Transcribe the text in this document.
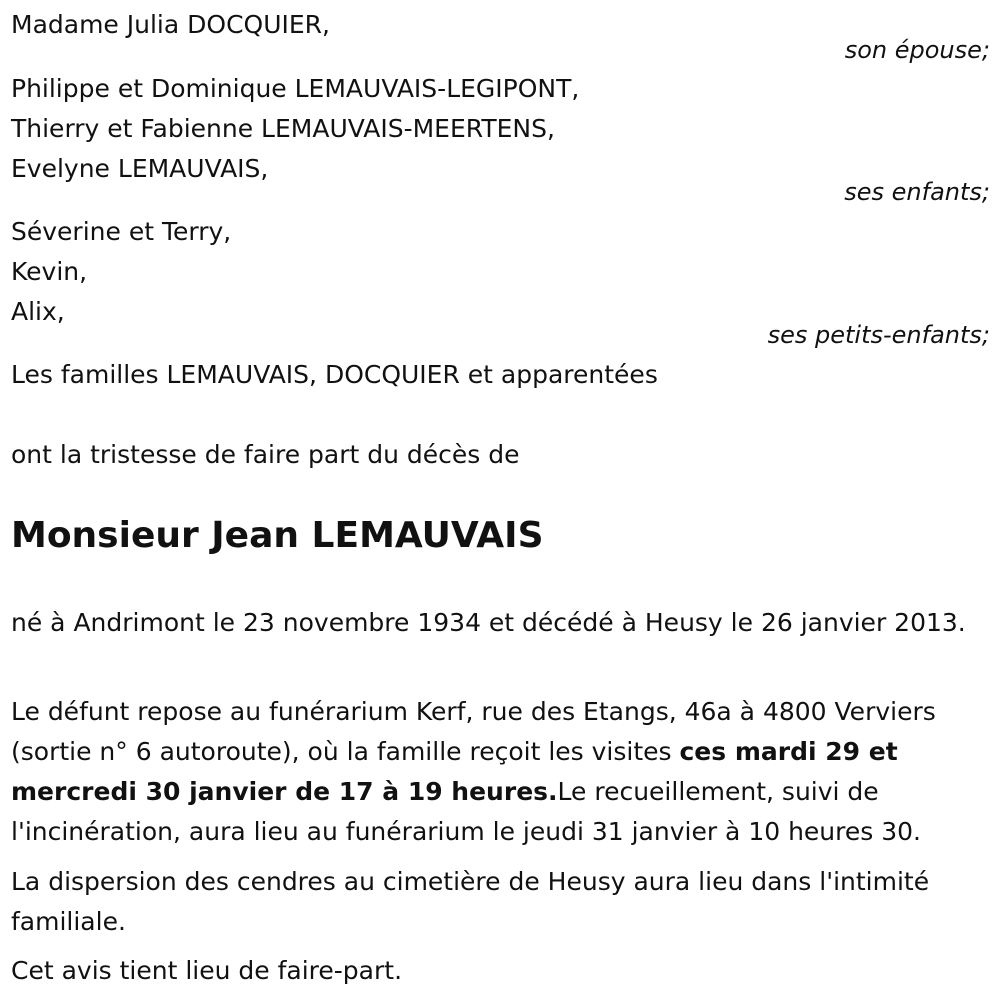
Madame Julia DOCQUIER,
son épouse;
Philippe et Dominique LEMAUVAIS-LEGIPONT,
Thierry et Fabienne LEMAUVAIS-MEERTENS,
Evelyne LEMAUVAIS,
ses enfants;
Séverine et Terry,
Kevin,
Alix,
ses petits-enfants;
Les familles LEMAUVAIS, DOCQUIER et apparentées
ont la tristesse de faire part du décès de
Monsieur Jean LEMAUVAIS
né à Andrimont le 23 novembre 1934 et décédé à Heusy le 26 janvier 2013.
Le défunt repose au funérarium Kerf, rue des Etangs, 46a à 4800 Verviers (sortie n° 6 autoroute), où la famille reçoit les visites ces mardi 29 et mercredi 30 janvier de 17 à 19 heures.Le recueillement, suivi de l'incinération, aura lieu au funérarium le jeudi 31 janvier à 10 heures 30.
La dispersion des cendres au cimetière de Heusy aura lieu dans l'intimité familiale.
Cet avis tient lieu de faire-part.
